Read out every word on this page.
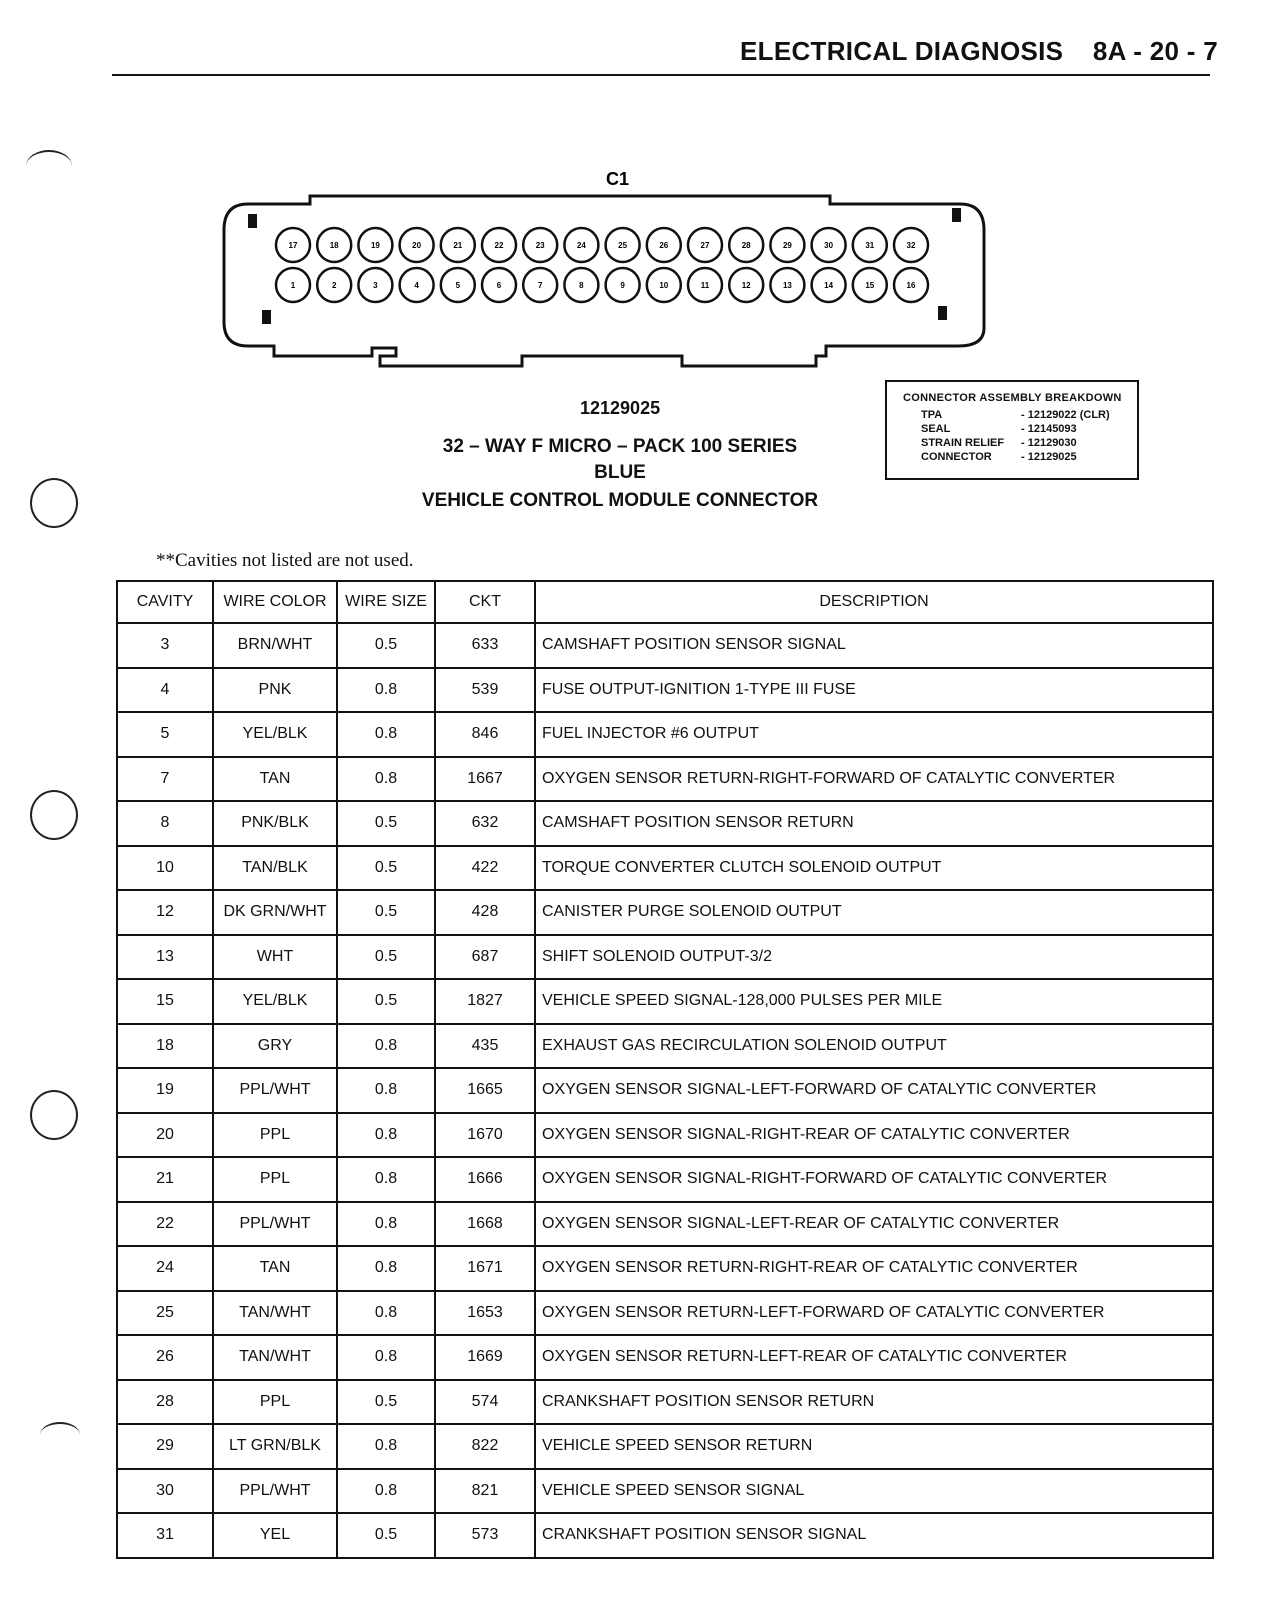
ELECTRICAL DIAGNOSIS 8A - 20 - 7
C1
17	18	19	20	21	22	23	24	25	26	27	28	29	30	31	32
1	2	3	4	5	6	7	8	9	10	11	12	13	14	15	16
12129025
32 – WAY F MICRO – PACK 100 SERIES
BLUE
VEHICLE CONTROL MODULE CONNECTOR
CONNECTOR ASSEMBLY BREAKDOWN
TPA	- 12129022 (CLR)
SEAL	- 12145093
STRAIN RELIEF	- 12129030
CONNECTOR	- 12129025
**Cavities not listed are not used.
CAVITY	WIRE COLOR	WIRE SIZE	CKT	DESCRIPTION
3	BRN/WHT	0.5	633	CAMSHAFT POSITION SENSOR SIGNAL
4	PNK	0.8	539	FUSE OUTPUT-IGNITION 1-TYPE III FUSE
5	YEL/BLK	0.8	846	FUEL INJECTOR #6 OUTPUT
7	TAN	0.8	1667	OXYGEN SENSOR RETURN-RIGHT-FORWARD OF CATALYTIC CONVERTER
8	PNK/BLK	0.5	632	CAMSHAFT POSITION SENSOR RETURN
10	TAN/BLK	0.5	422	TORQUE CONVERTER CLUTCH SOLENOID OUTPUT
12	DK GRN/WHT	0.5	428	CANISTER PURGE SOLENOID OUTPUT
13	WHT	0.5	687	SHIFT SOLENOID OUTPUT-3/2
15	YEL/BLK	0.5	1827	VEHICLE SPEED SIGNAL-128,000 PULSES PER MILE
18	GRY	0.8	435	EXHAUST GAS RECIRCULATION SOLENOID OUTPUT
19	PPL/WHT	0.8	1665	OXYGEN SENSOR SIGNAL-LEFT-FORWARD OF CATALYTIC CONVERTER
20	PPL	0.8	1670	OXYGEN SENSOR SIGNAL-RIGHT-REAR OF CATALYTIC CONVERTER
21	PPL	0.8	1666	OXYGEN SENSOR SIGNAL-RIGHT-FORWARD OF CATALYTIC CONVERTER
22	PPL/WHT	0.8	1668	OXYGEN SENSOR SIGNAL-LEFT-REAR OF CATALYTIC CONVERTER
24	TAN	0.8	1671	OXYGEN SENSOR RETURN-RIGHT-REAR OF CATALYTIC CONVERTER
25	TAN/WHT	0.8	1653	OXYGEN SENSOR RETURN-LEFT-FORWARD OF CATALYTIC CONVERTER
26	TAN/WHT	0.8	1669	OXYGEN SENSOR RETURN-LEFT-REAR OF CATALYTIC CONVERTER
28	PPL	0.5	574	CRANKSHAFT POSITION SENSOR RETURN
29	LT GRN/BLK	0.8	822	VEHICLE SPEED SENSOR RETURN
30	PPL/WHT	0.8	821	VEHICLE SPEED SENSOR SIGNAL
31	YEL	0.5	573	CRANKSHAFT POSITION SENSOR SIGNAL
